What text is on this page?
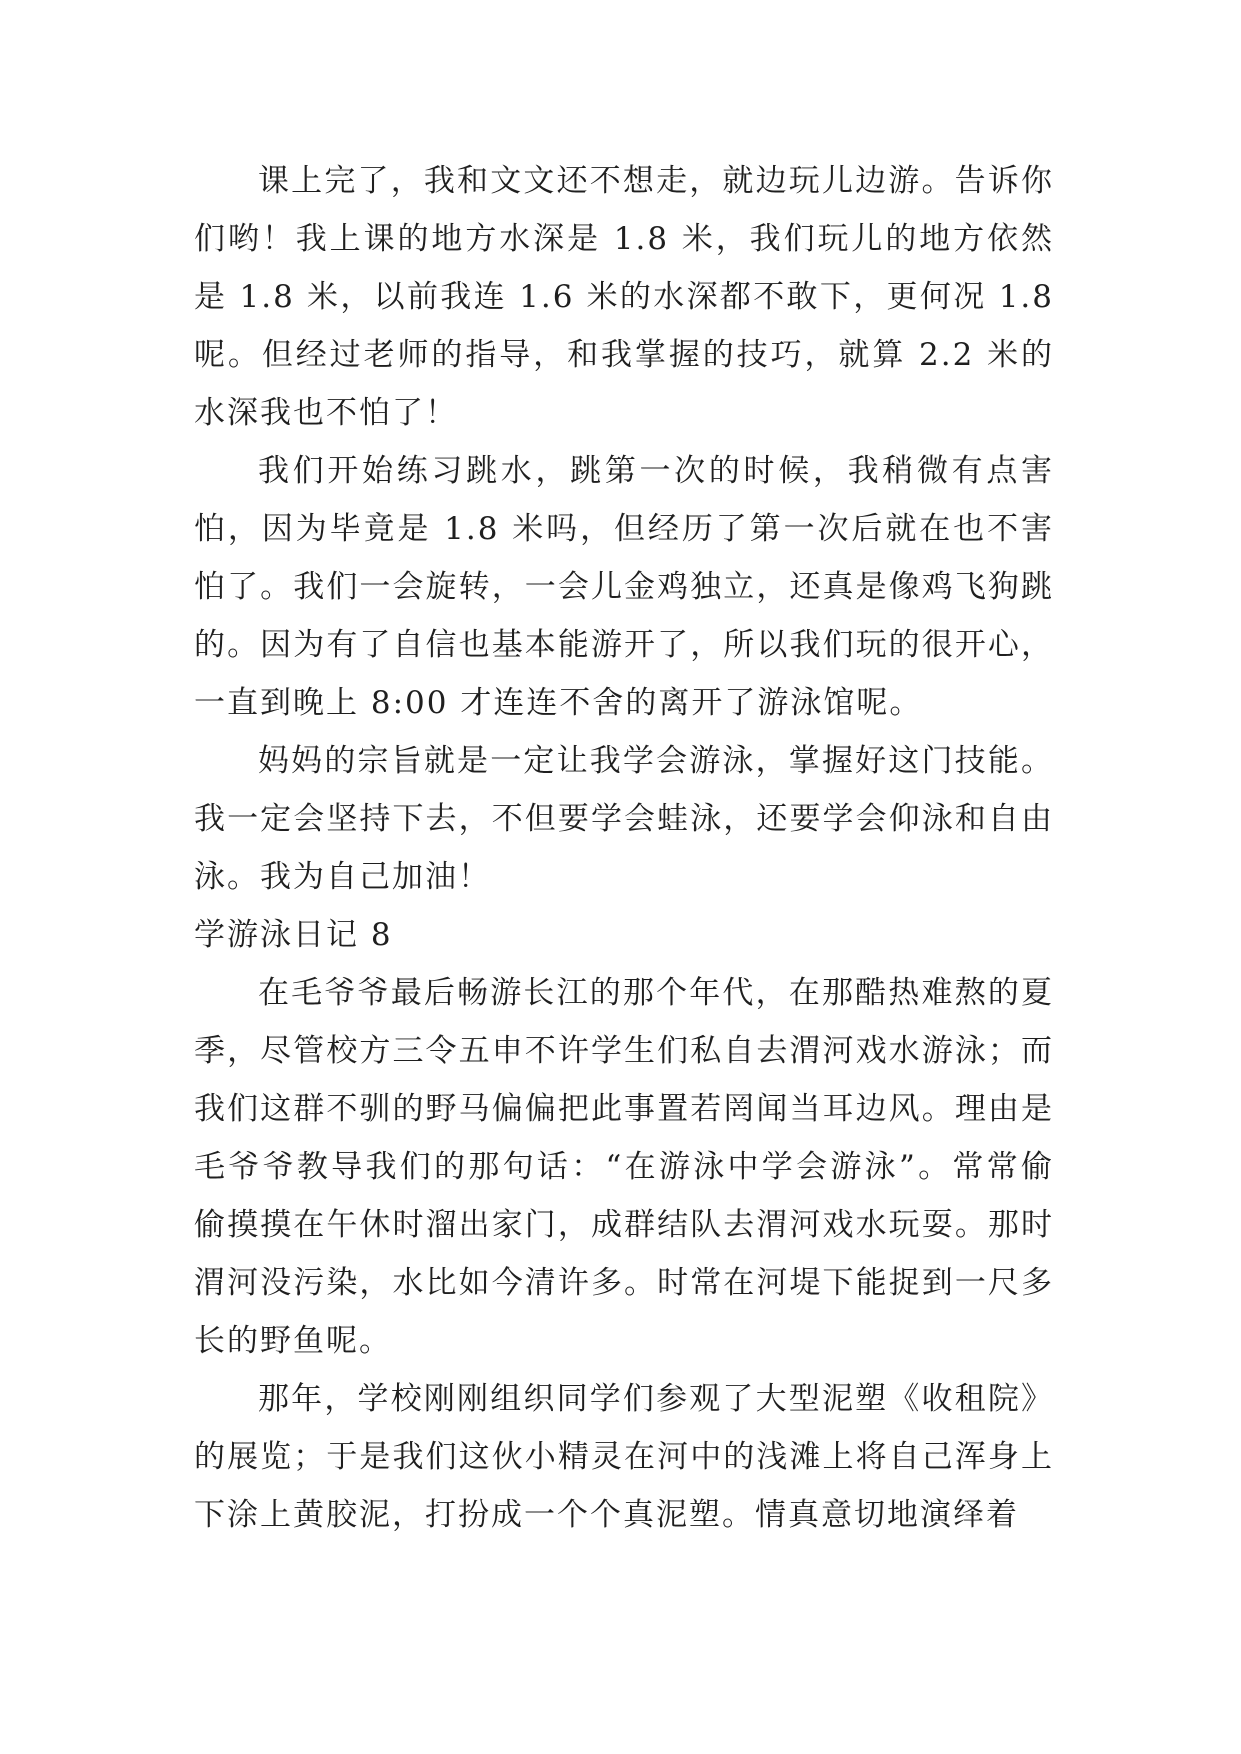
课上完了，我和文文还不想走，就边玩儿边游。告诉你们哟！我上课的地方水深是 1.8 米，我们玩儿的地方依然是 1.8 米，以前我连 1.6 米的水深都不敢下，更何况 1.8 呢。但经过老师的指导，和我掌握的技巧，就算 2.2 米的水深我也不怕了！

我们开始练习跳水，跳第一次的时候，我稍微有点害怕，因为毕竟是 1.8 米吗，但经历了第一次后就在也不害怕了。我们一会旋转，一会儿金鸡独立，还真是像鸡飞狗跳的。因为有了自信也基本能游开了，所以我们玩的很开心，一直到晚上 8:00 才连连不舍的离开了游泳馆呢。

妈妈的宗旨就是一定让我学会游泳，掌握好这门技能。我一定会坚持下去，不但要学会蛙泳，还要学会仰泳和自由泳。我为自己加油！

学游泳日记 8

在毛爷爷最后畅游长江的那个年代，在那酷热难熬的夏季，尽管校方三令五申不许学生们私自去渭河戏水游泳；而我们这群不驯的野马偏偏把此事置若罔闻当耳边风。理由是毛爷爷教导我们的那句话：“在游泳中学会游泳”。常常偷偷摸摸在午休时溜出家门，成群结队去渭河戏水玩耍。那时渭河没污染，水比如今清许多。时常在河堤下能捉到一尺多长的野鱼呢。

那年，学校刚刚组织同学们参观了大型泥塑《收租院》的展览；于是我们这伙小精灵在河中的浅滩上将自己浑身上下涂上黄胶泥，打扮成一个个真泥塑。情真意切地演绎着
